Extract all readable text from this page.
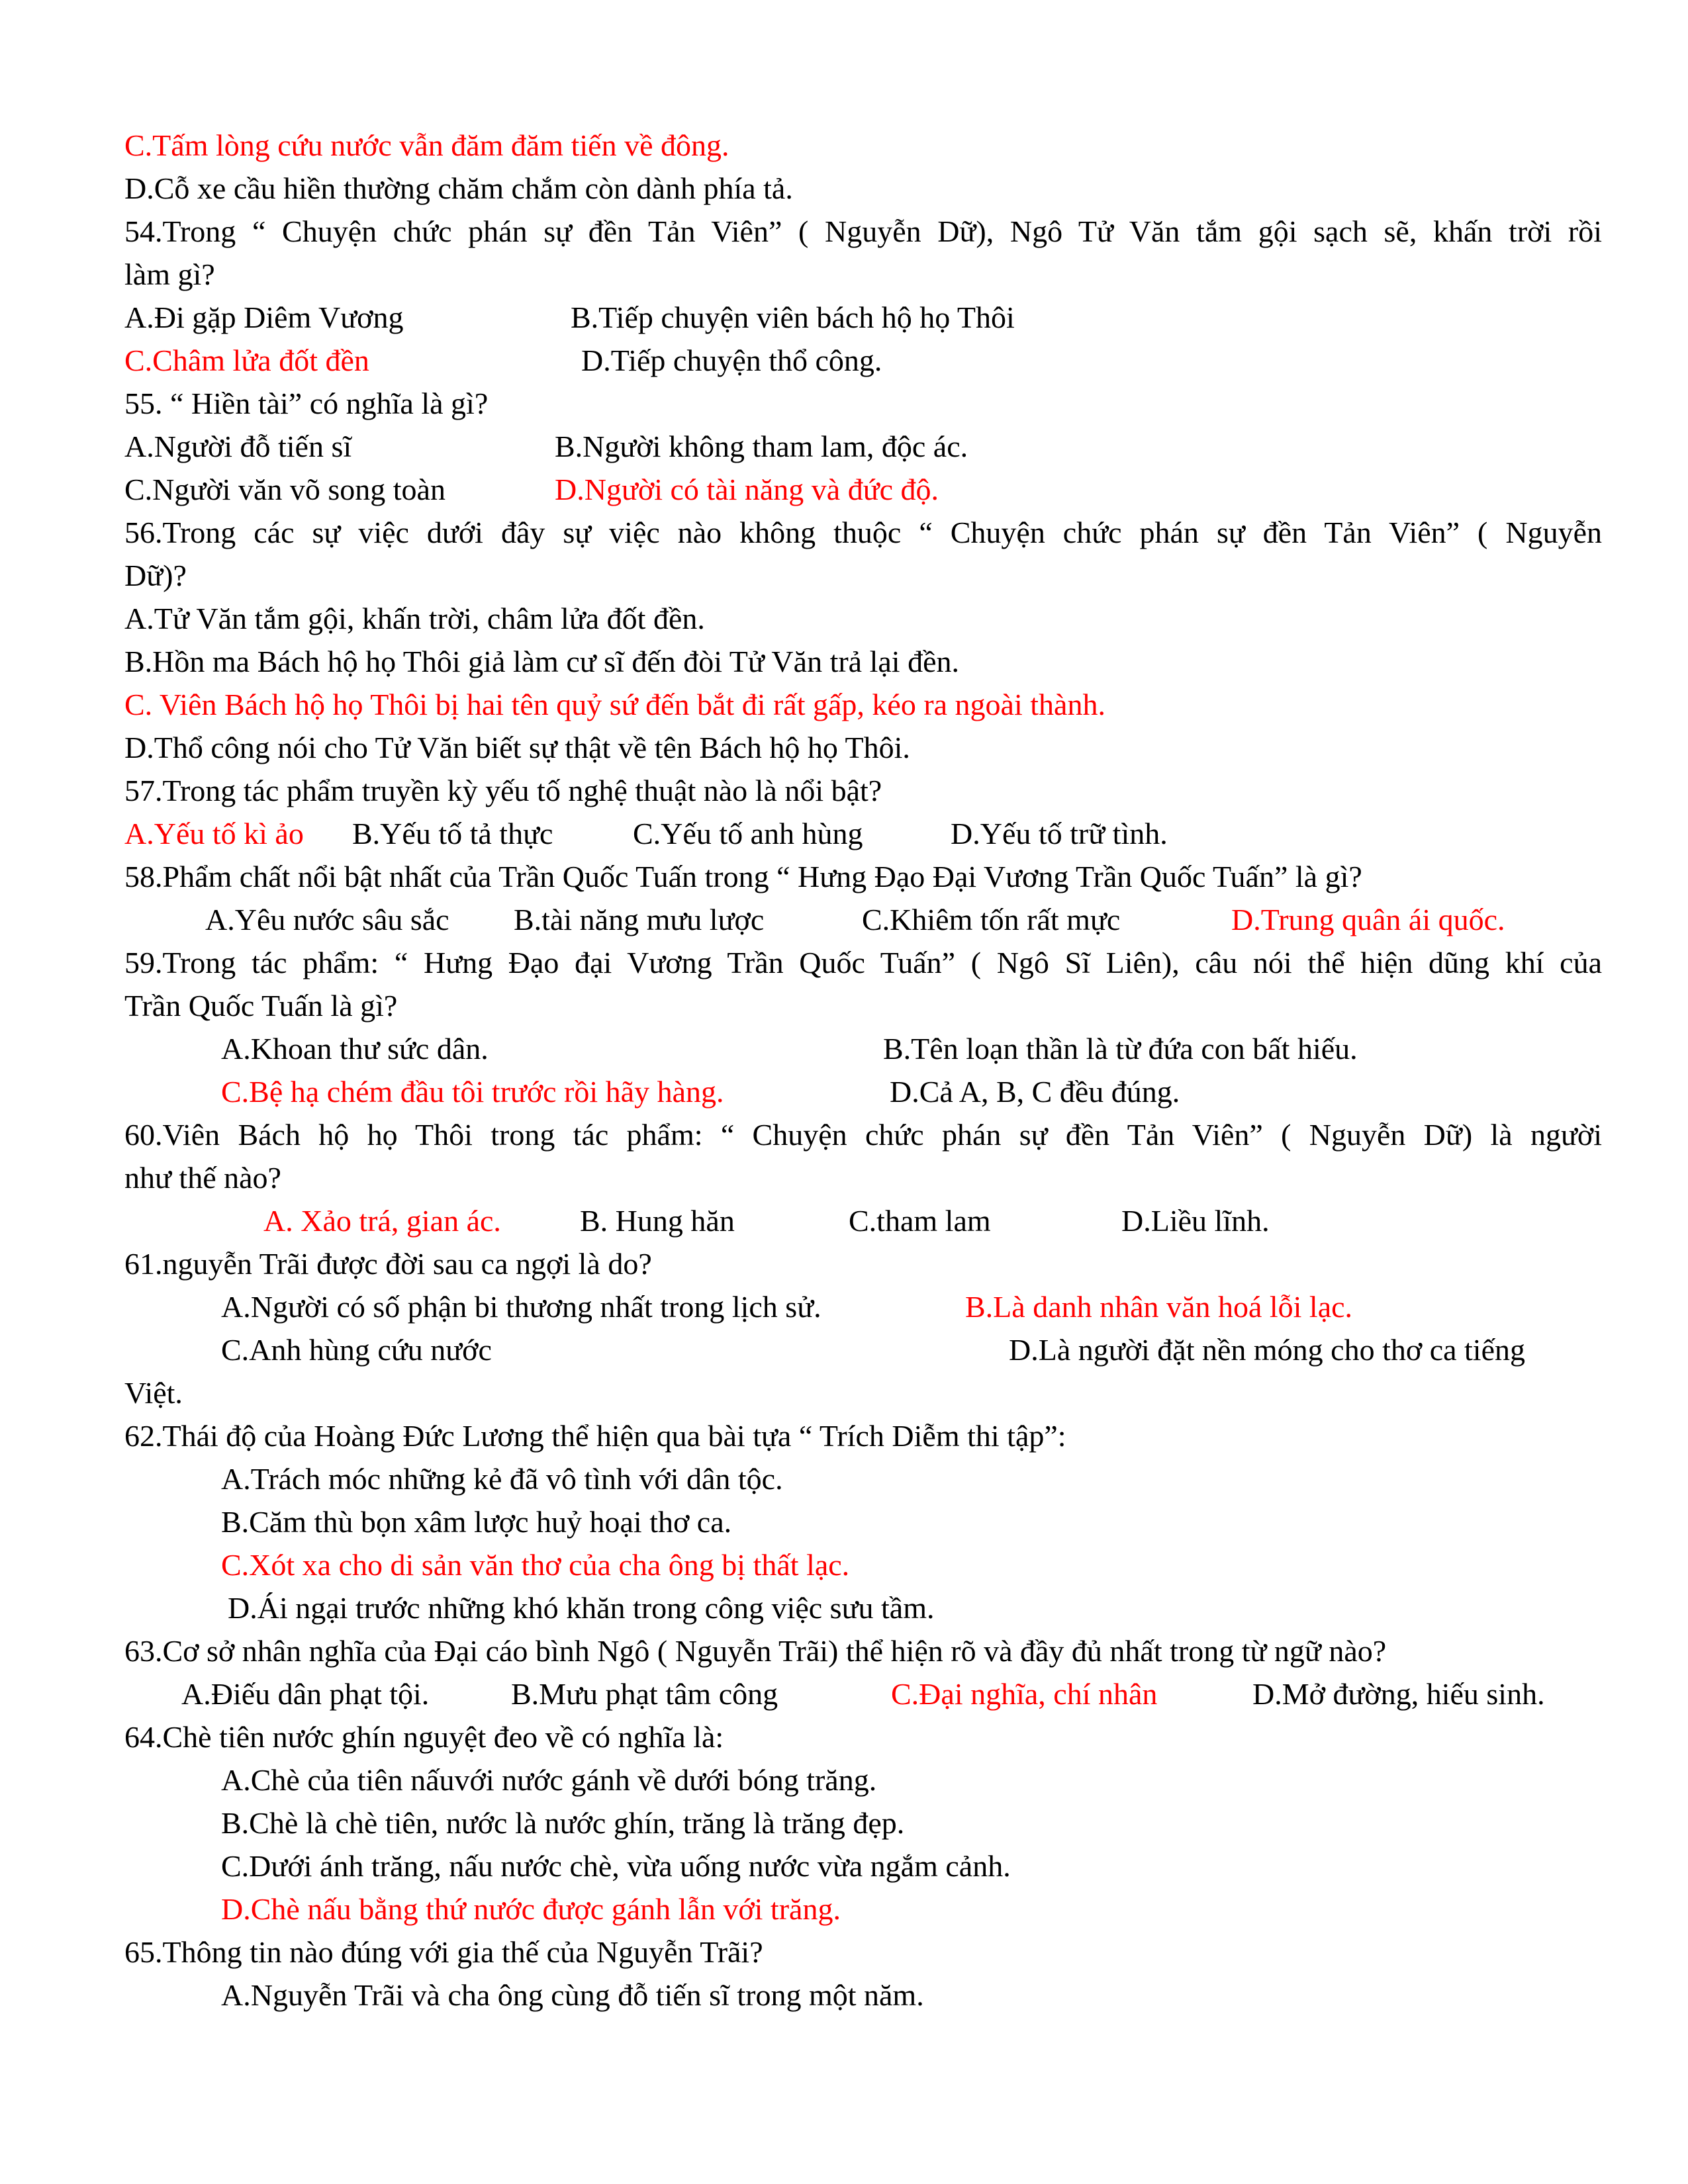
C.Tấm lòng cứu nước vẫn đăm đăm tiến về đông.
D.Cỗ xe cầu hiền thường chăm chắm còn dành phía tả.
54.Trong “ Chuyện chức phán sự đền Tản Viên” ( Nguyễn Dữ), Ngô Tử Văn tắm gội sạch sẽ, khấn trời rồi
làm gì?
A.Đi gặp Diêm Vương	B.Tiếp chuyện viên bách hộ họ Thôi
C.Châm lửa đốt đền	D.Tiếp chuyện thổ công.
55. “ Hiền tài” có nghĩa là gì?
A.Người đỗ tiến sĩ	B.Người không tham lam, độc ác.
C.Người văn võ song toàn	D.Người có tài năng và đức độ.
56.Trong các sự việc dưới đây sự việc nào không thuộc “ Chuyện chức phán sự đền Tản Viên” ( Nguyễn
Dữ)?
A.Tử Văn tắm gội, khấn trời, châm lửa đốt đền.
B.Hồn ma Bách hộ họ Thôi giả làm cư sĩ đến đòi Tử Văn trả lại đền.
C. Viên Bách hộ họ Thôi bị hai tên quỷ sứ đến bắt đi rất gấp, kéo ra ngoài thành.
D.Thổ công nói cho Tử Văn biết sự thật về tên Bách hộ họ Thôi.
57.Trong tác phẩm truyền kỳ yếu tố nghệ thuật nào là nổi bật?
A.Yếu tố kì ảo B.Yếu tố tả thực	C.Yếu tố anh hùng	D.Yếu tố trữ tình.
58.Phẩm chất nổi bật nhất của Trần Quốc Tuấn trong “ Hưng Đạo Đại Vương Trần Quốc Tuấn” là gì?
A.Yêu nước sâu sắc B.tài năng mưu lược	C.Khiêm tốn rất mực	D.Trung quân ái quốc.
59.Trong tác phẩm: “ Hưng Đạo đại Vương Trần Quốc Tuấn” ( Ngô Sĩ Liên), câu nói thể hiện dũng khí của
Trần Quốc Tuấn là gì?
A.Khoan thư sức dân.	B.Tên loạn thần là từ đứa con bất hiếu.
C.Bệ hạ chém đầu tôi trước rồi hãy hàng.	D.Cả A, B, C đều đúng.
60.Viên Bách hộ họ Thôi trong tác phẩm: “ Chuyện chức phán sự đền Tản Viên” ( Nguyễn Dữ) là người
như thế nào?
A. Xảo trá, gian ác.	B. Hung hăn	C.tham lam	D.Liều lĩnh.
61.nguyễn Trãi được đời sau ca ngợi là do?
A.Người có số phận bi thương nhất trong lịch sử.	B.Là danh nhân văn hoá lỗi lạc.
C.Anh hùng cứu nước	D.Là người đặt nền móng cho thơ ca tiếng
Việt.
62.Thái độ của Hoàng Đức Lương thể hiện qua bài tựa “ Trích Diễm thi tập”:
A.Trách móc những kẻ đã vô tình với dân tộc.
B.Căm thù bọn xâm lược huỷ hoại thơ ca.
C.Xót xa cho di sản văn thơ của cha ông bị thất lạc.
D.Ái ngại trước những khó khăn trong công việc sưu tầm.
63.Cơ sở nhân nghĩa của Đại cáo bình Ngô ( Nguyễn Trãi) thể hiện rõ và đầy đủ nhất trong từ ngữ nào?
A.Điếu dân phạt tội.	B.Mưu phạt tâm công	C.Đại nghĩa, chí nhân	D.Mở đường, hiếu sinh.
64.Chè tiên nước ghín nguyệt đeo về có nghĩa là:
A.Chè của tiên nấuvới nước gánh về dưới bóng trăng.
B.Chè là chè tiên, nước là nước ghín, trăng là trăng đẹp.
C.Dưới ánh trăng, nấu nước chè, vừa uống nước vừa ngắm cảnh.
D.Chè nấu bằng thứ nước được gánh lẫn với trăng.
65.Thông tin nào đúng với gia thế của Nguyễn Trãi?
A.Nguyễn Trãi và cha ông cùng đỗ tiến sĩ trong một năm.
